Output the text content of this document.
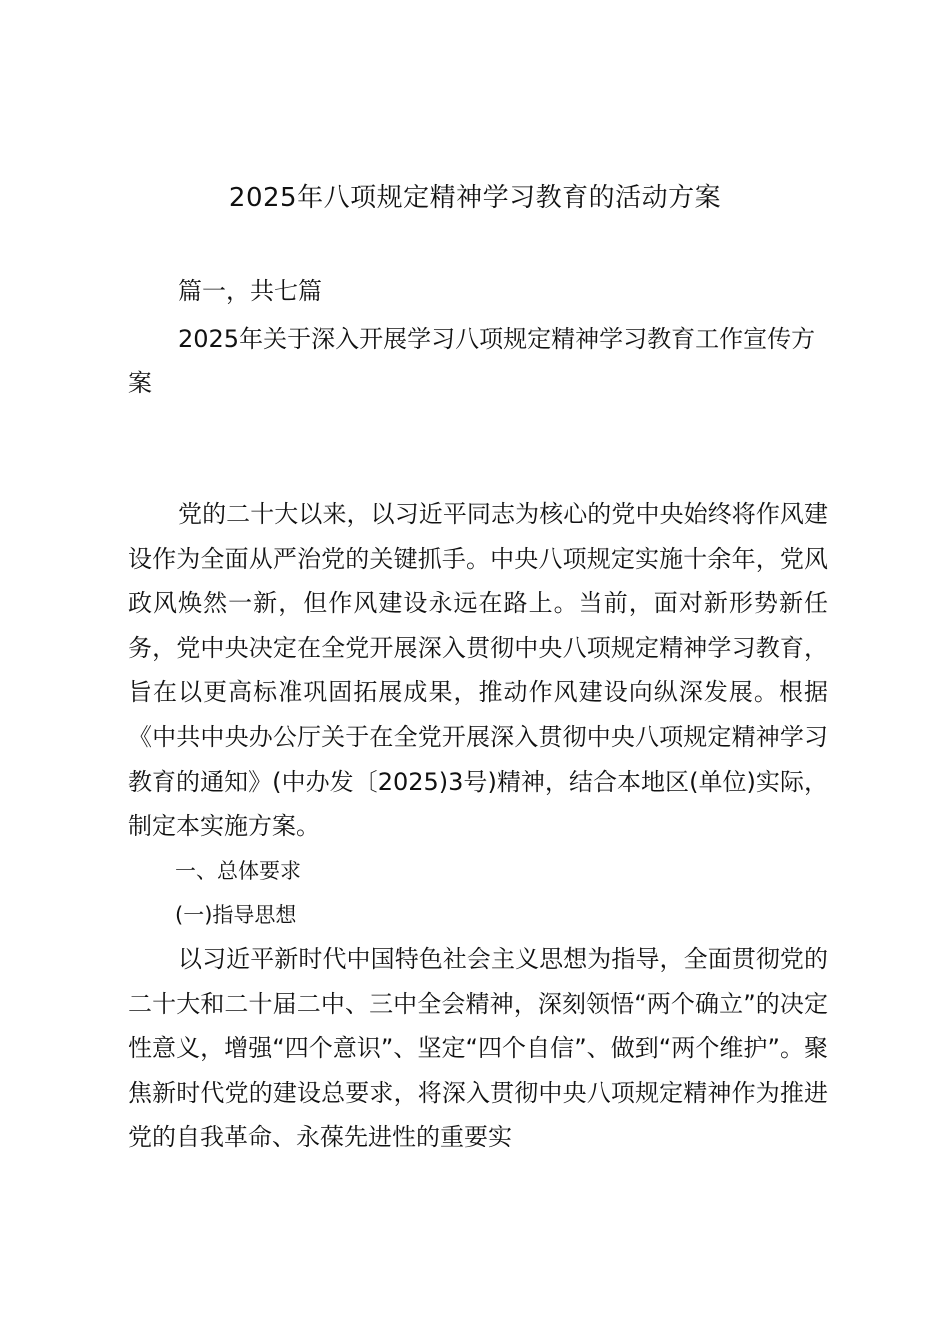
2025年八项规定精神学习教育的活动方案
篇一，共七篇
2025年关于深入开展学习八项规定精神学习教育工作宣传方案
党的二十大以来，以习近平同志为核心的党中央始终将作风建设作为全面从严治党的关键抓手。中央八项规定实施十余年，党风政风焕然一新，但作风建设永远在路上。当前，面对新形势新任务，党中央决定在全党开展深入贯彻中央八项规定精神学习教育，旨在以更高标准巩固拓展成果，推动作风建设向纵深发展。根据《中共中央办公厅关于在全党开展深入贯彻中央八项规定精神学习教育的通知》(中办发〔2025)3号)精神，结合本地区(单位)实际，制定本实施方案。
一、总体要求
(一)指导思想
以习近平新时代中国特色社会主义思想为指导，全面贯彻党的二十大和二十届二中、三中全会精神，深刻领悟“两个确立”的决定性意义，增强“四个意识”、坚定“四个自信”、做到“两个维护”。聚焦新时代党的建设总要求，将深入贯彻中央八项规定精神作为推进党的自我革命、永葆先进性的重要实
